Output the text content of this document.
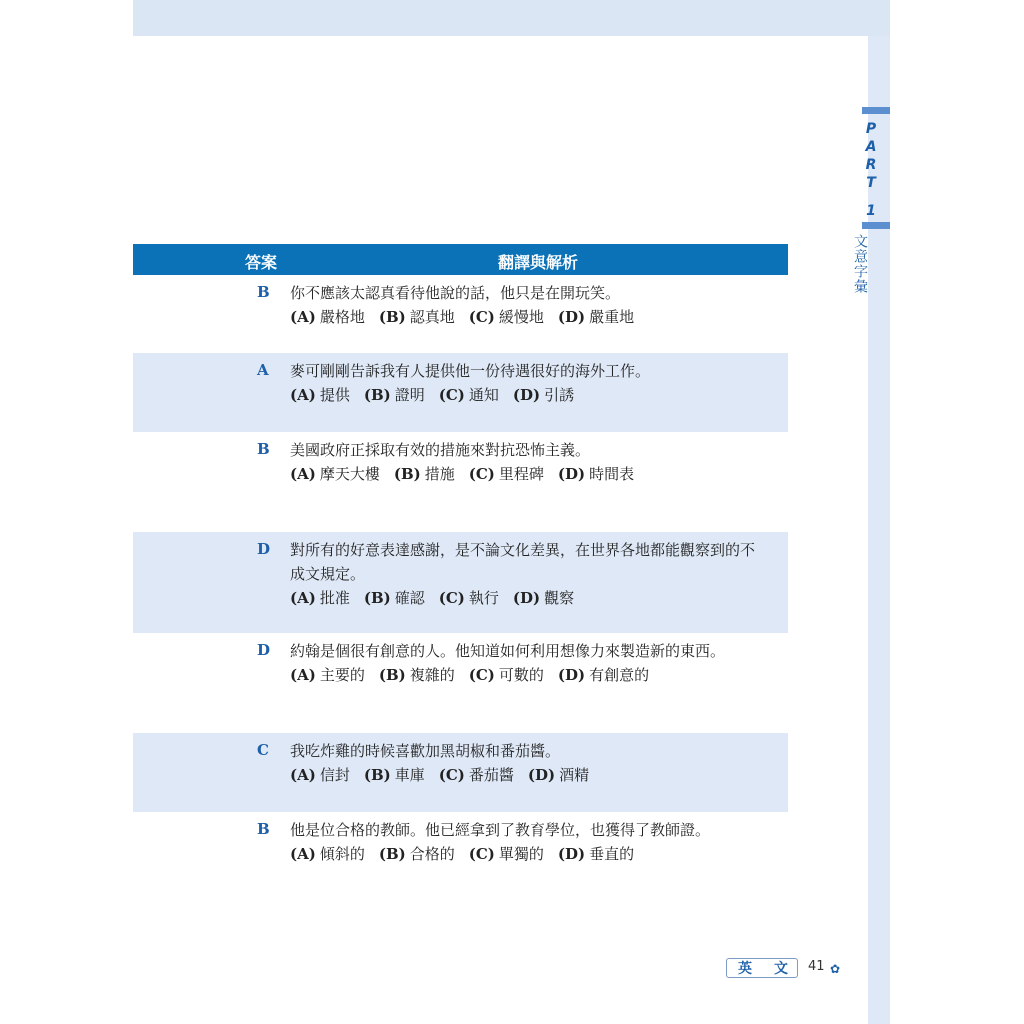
P
A
R
T
1
文意字彙
答案	翻譯與解析
B 你不應該太認真看待他說的話，他只是在開玩笑。
(A) 嚴格地 (B) 認真地 (C) 緩慢地 (D) 嚴重地
A 麥可剛剛告訴我有人提供他一份待遇很好的海外工作。
(A) 提供 (B) 證明 (C) 通知 (D) 引誘
B 美國政府正採取有效的措施來對抗恐怖主義。
(A) 摩天大樓 (B) 措施 (C) 里程碑 (D) 時間表
D 對所有的好意表達感謝，是不論文化差異，在世界各地都能觀察到的不
成文規定。
(A) 批准 (B) 確認 (C) 執行 (D) 觀察
D 約翰是個很有創意的人。他知道如何利用想像力來製造新的東西。
(A) 主要的 (B) 複雜的 (C) 可數的 (D) 有創意的
C 我吃炸雞的時候喜歡加黑胡椒和番茄醬。
(A) 信封 (B) 車庫 (C) 番茄醬 (D) 酒精
B 他是位合格的教師。他已經拿到了教育學位，也獲得了教師證。
(A) 傾斜的 (B) 合格的 (C) 單獨的 (D) 垂直的
英文
41 ✿
